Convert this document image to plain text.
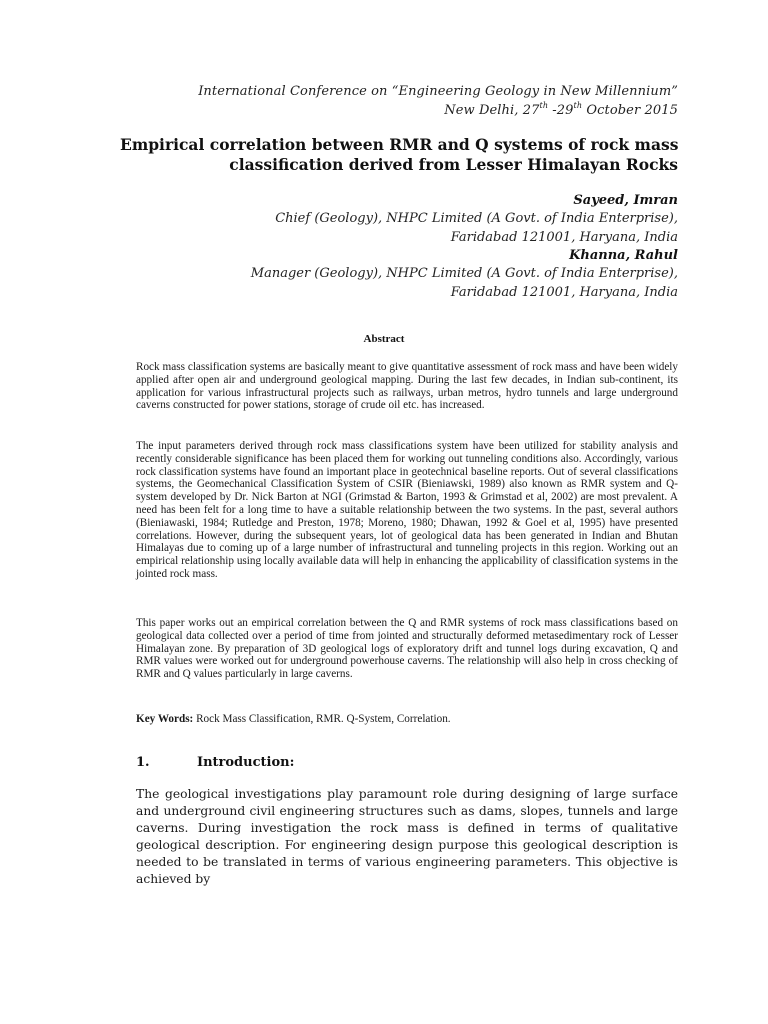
International Conference on “Engineering Geology in New Millennium”
New Delhi, 27th -29th October 2015
Empirical correlation between RMR and Q systems of rock mass
classification derived from Lesser Himalayan Rocks
Sayeed, Imran
Chief (Geology), NHPC Limited (A Govt. of India Enterprise),
Faridabad 121001, Haryana, India
Khanna, Rahul
Manager (Geology), NHPC Limited (A Govt. of India Enterprise),
Faridabad 121001, Haryana, India
Abstract
Rock mass classification systems are basically meant to give quantitative assessment of rock mass and have been widely applied after open air and underground geological mapping. During the last few decades, in Indian sub-continent, its application for various infrastructural projects such as railways, urban metros, hydro tunnels and large underground caverns constructed for power stations, storage of crude oil etc. has increased.
The input parameters derived through rock mass classifications system have been utilized for stability analysis and recently considerable significance has been placed them for working out tunneling conditions also. Accordingly, various rock classification systems have found an important place in geotechnical baseline reports. Out of several classifications systems, the Geomechanical Classification System of CSIR (Bieniawski, 1989) also known as RMR system and Q-system developed by Dr. Nick Barton at NGI (Grimstad & Barton, 1993 & Grimstad et al, 2002) are most prevalent. A need has been felt for a long time to have a suitable relationship between the two systems. In the past, several authors (Bieniawaski, 1984; Rutledge and Preston, 1978; Moreno, 1980; Dhawan, 1992 & Goel et al, 1995) have presented correlations. However, during the subsequent years, lot of geological data has been generated in Indian and Bhutan Himalayas due to coming up of a large number of infrastructural and tunneling projects in this region. Working out an empirical relationship using locally available data will help in enhancing the applicability of classification systems in the jointed rock mass.
This paper works out an empirical correlation between the Q and RMR systems of rock mass classifications based on geological data collected over a period of time from jointed and structurally deformed metasedimentary rock of Lesser Himalayan zone. By preparation of 3D geological logs of exploratory drift and tunnel logs during excavation, Q and RMR values were worked out for underground powerhouse caverns. The relationship will also help in cross checking of RMR and Q values particularly in large caverns.
Key Words: Rock Mass Classification, RMR. Q-System, Correlation.
1.	Introduction:
The geological investigations play paramount role during designing of large surface and underground civil engineering structures such as dams, slopes, tunnels and large caverns. During investigation the rock mass is defined in terms of qualitative geological description. For engineering design purpose this geological description is needed to be translated in terms of various engineering parameters. This objective is achieved by
